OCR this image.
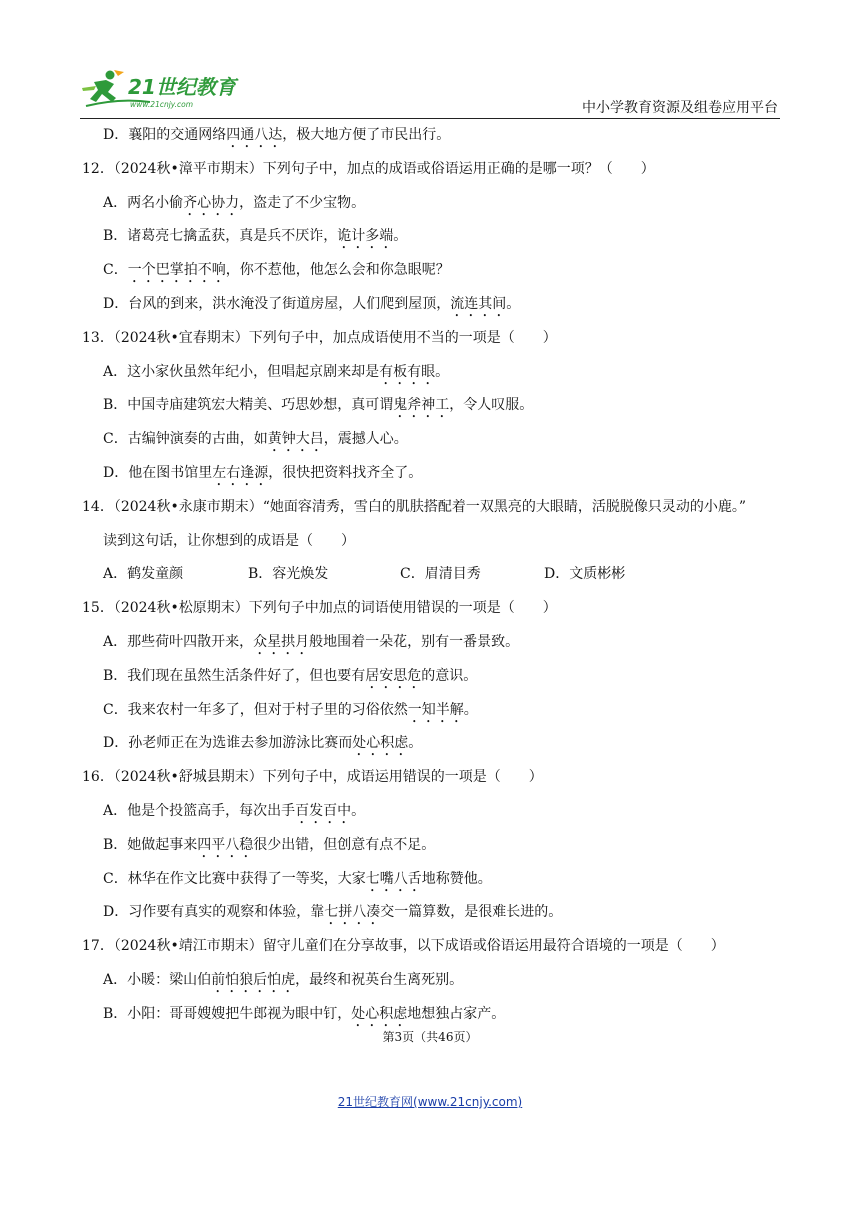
21世纪教育
www.21cnjy.com	中小学教育资源及组卷应用平台
D．襄阳的交通网络四通八达，极大地方便了市民出行。
12．（2024秋•漳平市期末）下列句子中，加点的成语或俗语运用正确的是哪一项？（　　）
A．两名小偷齐心协力，盗走了不少宝物。
B．诸葛亮七擒孟获，真是兵不厌诈，诡计多端。
C．一个巴掌拍不响，你不惹他，他怎么会和你急眼呢？
D．台风的到来，洪水淹没了街道房屋，人们爬到屋顶，流连其间。
13．（2024秋•宜春期末）下列句子中，加点成语使用不当的一项是（　　）
A．这小家伙虽然年纪小，但唱起京剧来却是有板有眼。
B．中国寺庙建筑宏大精美、巧思妙想，真可谓鬼斧神工，令人叹服。
C．古编钟演奏的古曲，如黄钟大吕，震撼人心。
D．他在图书馆里左右逢源，很快把资料找齐全了。
14．（2024秋•永康市期末）“她面容清秀，雪白的肌肤搭配着一双黑亮的大眼睛，活脱脱像只灵动的小鹿。”
读到这句话，让你想到的成语是（　　）
A．鹤发童颜	B．容光焕发	C．眉清目秀	D．文质彬彬
15．（2024秋•松原期末）下列句子中加点的词语使用错误的一项是（　　）
A．那些荷叶四散开来，众星拱月般地围着一朵花，别有一番景致。
B．我们现在虽然生活条件好了，但也要有居安思危的意识。
C．我来农村一年多了，但对于村子里的习俗依然一知半解。
D．孙老师正在为选谁去参加游泳比赛而处心积虑。
16．（2024秋•舒城县期末）下列句子中，成语运用错误的一项是（　　）
A．他是个投篮高手，每次出手百发百中。
B．她做起事来四平八稳很少出错，但创意有点不足。
C．林华在作文比赛中获得了一等奖，大家七嘴八舌地称赞他。
D．习作要有真实的观察和体验，靠七拼八凑交一篇算数，是很难长进的。
17．（2024秋•靖江市期末）留守儿童们在分享故事，以下成语或俗语运用最符合语境的一项是（　　）
A．小暖：梁山伯前怕狼后怕虎，最终和祝英台生离死别。
B．小阳：哥哥嫂嫂把牛郎视为眼中钉，处心积虑地想独占家产。
第3页（共46页）
21世纪教育网(www.21cnjy.com)
